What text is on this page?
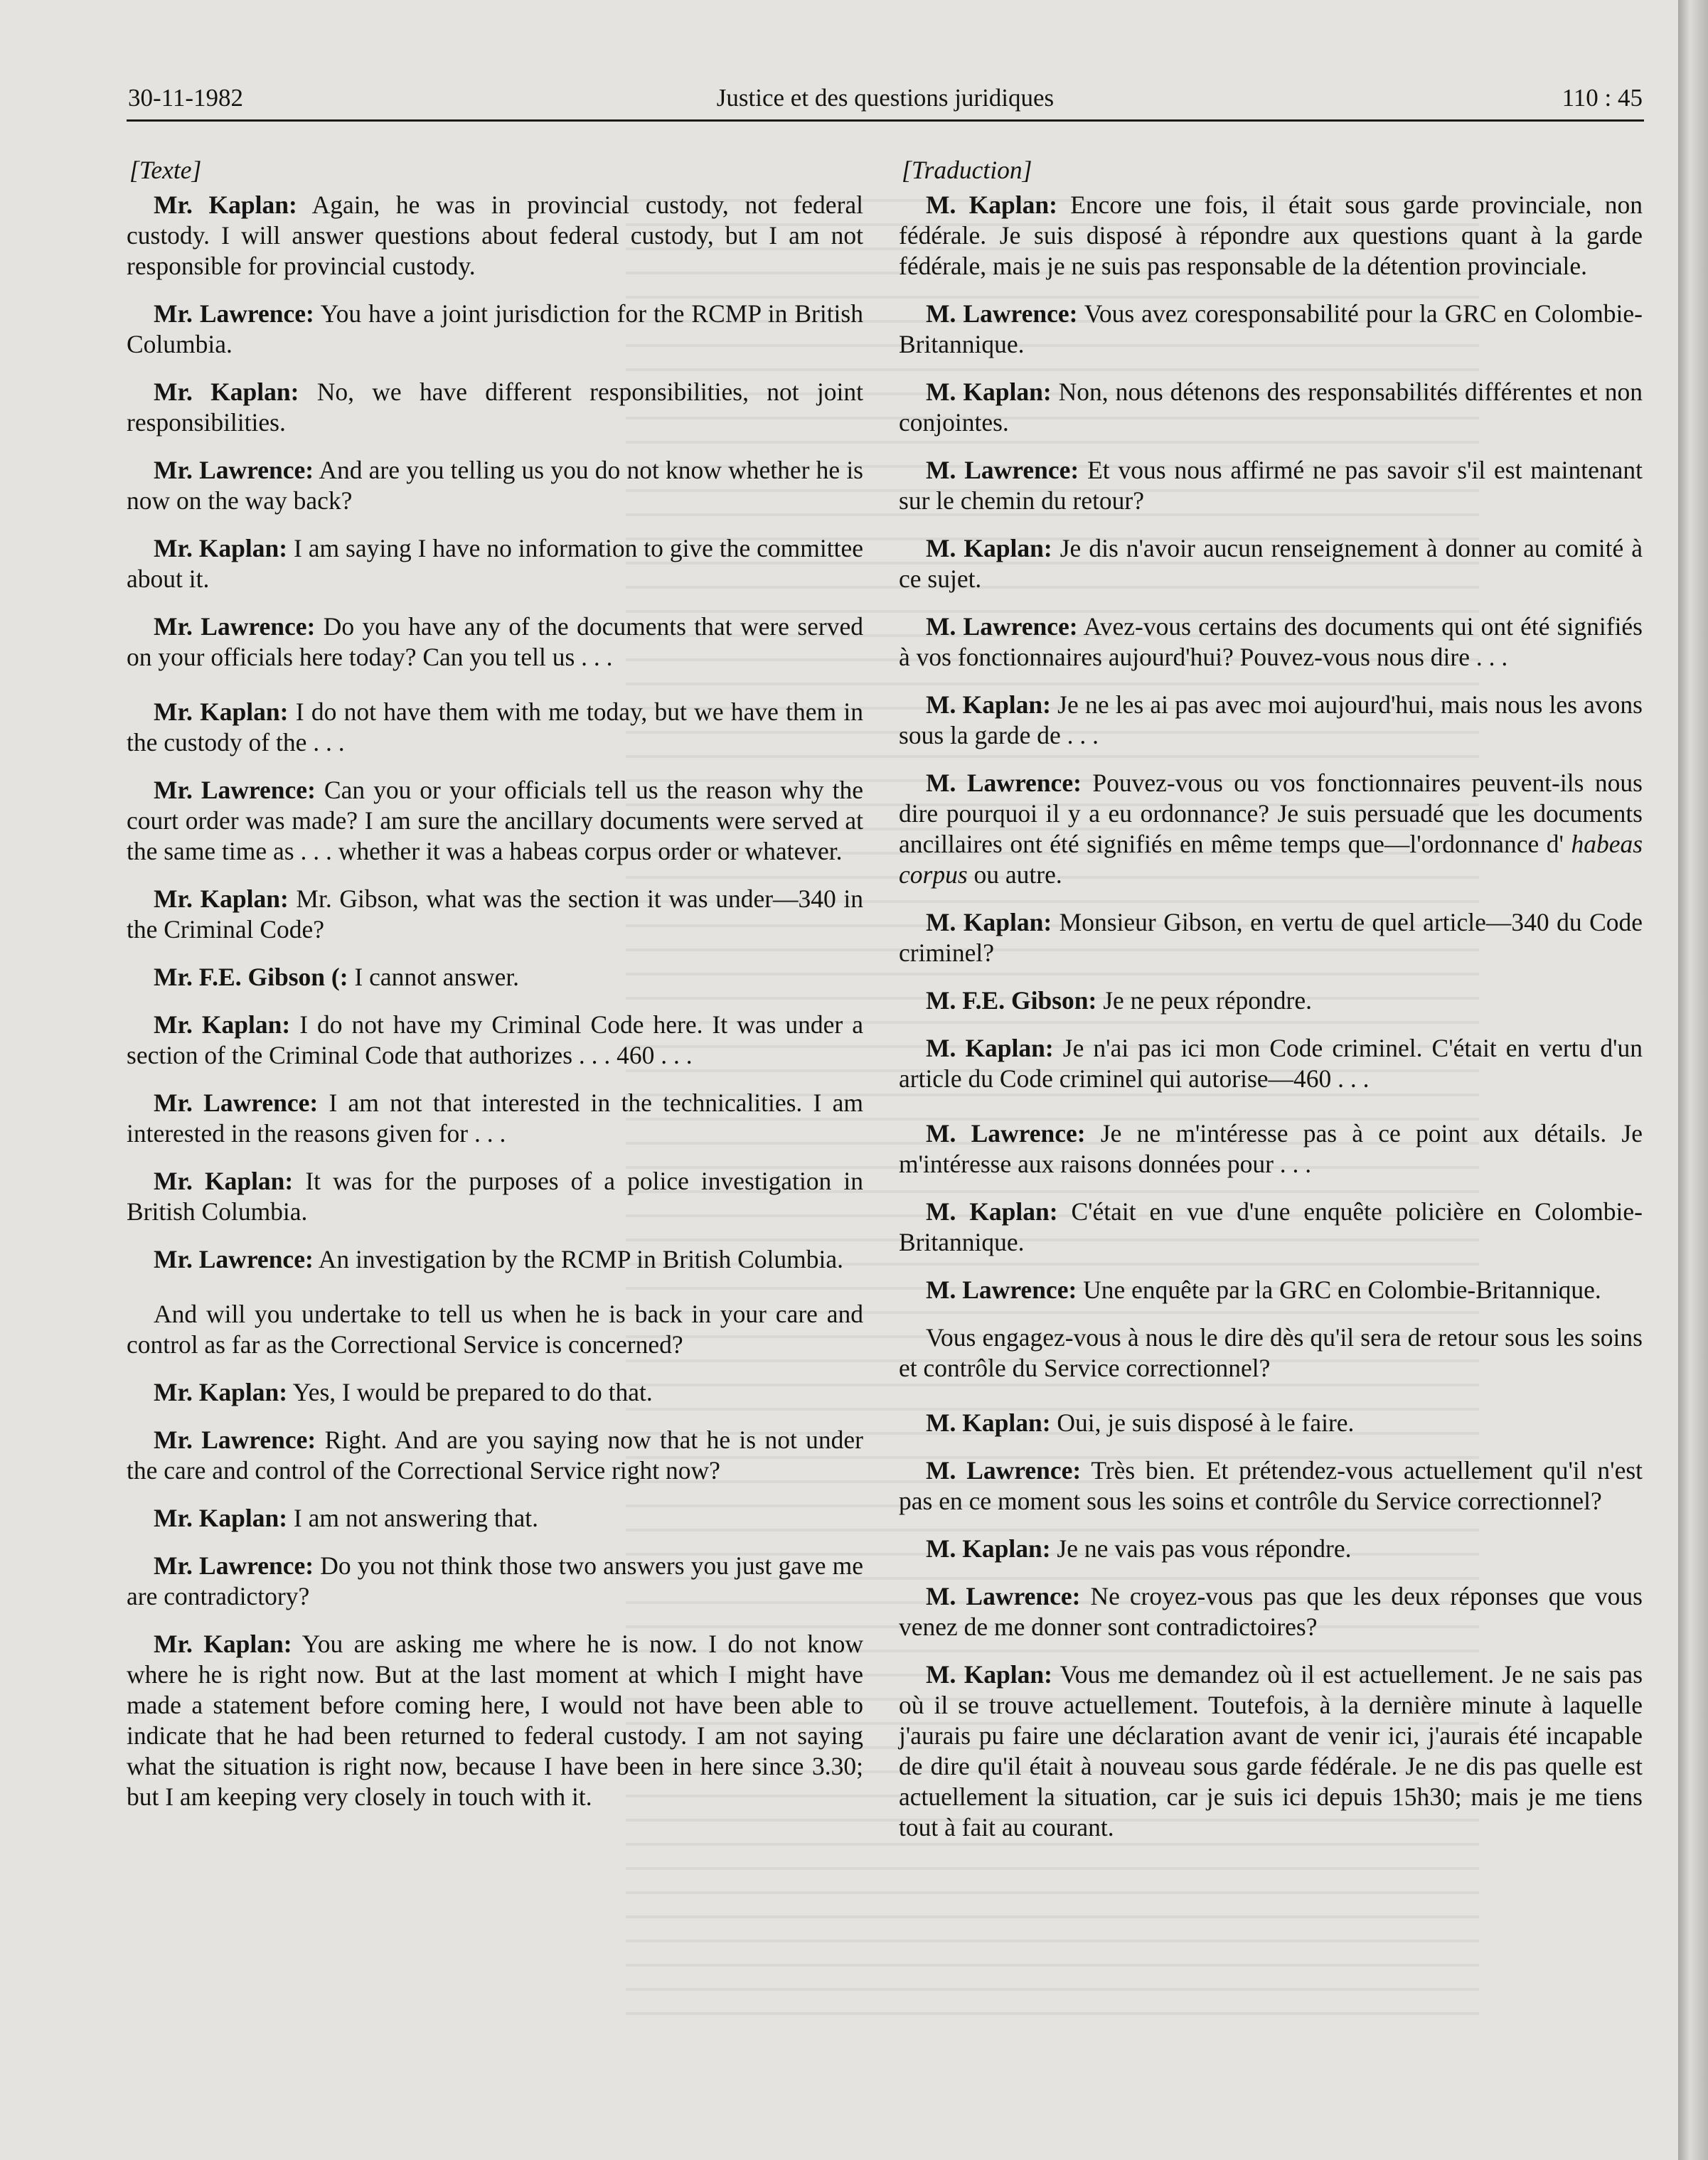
30-11-1982	Justice et des questions juridiques	110 : 45
[Texte]

Mr. Kaplan: Again, he was in provincial custody, not federal custody. I will answer questions about federal custody, but I am not responsible for provincial custody.

Mr. Lawrence: You have a joint jurisdiction for the RCMP in British Columbia.

Mr. Kaplan: No, we have different responsibilities, not joint responsibilities.

Mr. Lawrence: And are you telling us you do not know whether he is now on the way back?

Mr. Kaplan: I am saying I have no information to give the committee about it.

Mr. Lawrence: Do you have any of the documents that were served on your officials here today? Can you tell us . . .

Mr. Kaplan: I do not have them with me today, but we have them in the custody of the . . .

Mr. Lawrence: Can you or your officials tell us the reason why the court order was made? I am sure the ancillary documents were served at the same time as . . . whether it was a habeas corpus order or whatever.

Mr. Kaplan: Mr. Gibson, what was the section it was under—340 in the Criminal Code?

Mr. F.E. Gibson (: I cannot answer.

Mr. Kaplan: I do not have my Criminal Code here. It was under a section of the Criminal Code that authorizes . . . 460 . . .

Mr. Lawrence: I am not that interested in the technicalities. I am interested in the reasons given for . . .

Mr. Kaplan: It was for the purposes of a police investigation in British Columbia.

Mr. Lawrence: An investigation by the RCMP in British Columbia.

And will you undertake to tell us when he is back in your care and control as far as the Correctional Service is concerned?

Mr. Kaplan: Yes, I would be prepared to do that.

Mr. Lawrence: Right. And are you saying now that he is not under the care and control of the Correctional Service right now?

Mr. Kaplan: I am not answering that.

Mr. Lawrence: Do you not think those two answers you just gave me are contradictory?

Mr. Kaplan: You are asking me where he is now. I do not know where he is right now. But at the last moment at which I might have made a statement before coming here, I would not have been able to indicate that he had been returned to federal custody. I am not saying what the situation is right now, because I have been in here since 3.30; but I am keeping very closely in touch with it.

[Traduction]

M. Kaplan: Encore une fois, il était sous garde provinciale, non fédérale. Je suis disposé à répondre aux questions quant à la garde fédérale, mais je ne suis pas responsable de la détention provinciale.

M. Lawrence: Vous avez coresponsabilité pour la GRC en Colombie-Britannique.

M. Kaplan: Non, nous détenons des responsabilités différentes et non conjointes.

M. Lawrence: Et vous nous affirmé ne pas savoir s'il est maintenant sur le chemin du retour?

M. Kaplan: Je dis n'avoir aucun renseignement à donner au comité à ce sujet.

M. Lawrence: Avez-vous certains des documents qui ont été signifiés à vos fonctionnaires aujourd'hui? Pouvez-vous nous dire . . .

M. Kaplan: Je ne les ai pas avec moi aujourd'hui, mais nous les avons sous la garde de . . .

M. Lawrence: Pouvez-vous ou vos fonctionnaires peuvent-ils nous dire pourquoi il y a eu ordonnance? Je suis persuadé que les documents ancillaires ont été signifiés en même temps que—l'ordonnance d' habeas corpus ou autre.

M. Kaplan: Monsieur Gibson, en vertu de quel article—340 du Code criminel?

M. F.E. Gibson: Je ne peux répondre.

M. Kaplan: Je n'ai pas ici mon Code criminel. C'était en vertu d'un article du Code criminel qui autorise—460 . . .

M. Lawrence: Je ne m'intéresse pas à ce point aux détails. Je m'intéresse aux raisons données pour . . .

M. Kaplan: C'était en vue d'une enquête policière en Colombie-Britannique.

M. Lawrence: Une enquête par la GRC en Colombie-Britannique.

Vous engagez-vous à nous le dire dès qu'il sera de retour sous les soins et contrôle du Service correctionnel?

M. Kaplan: Oui, je suis disposé à le faire.

M. Lawrence: Très bien. Et prétendez-vous actuellement qu'il n'est pas en ce moment sous les soins et contrôle du Service correctionnel?

M. Kaplan: Je ne vais pas vous répondre.

M. Lawrence: Ne croyez-vous pas que les deux réponses que vous venez de me donner sont contradictoires?

M. Kaplan: Vous me demandez où il est actuellement. Je ne sais pas où il se trouve actuellement. Toutefois, à la dernière minute à laquelle j'aurais pu faire une déclaration avant de venir ici, j'aurais été incapable de dire qu'il était à nouveau sous garde fédérale. Je ne dis pas quelle est actuellement la situation, car je suis ici depuis 15h30; mais je me tiens tout à fait au courant.
